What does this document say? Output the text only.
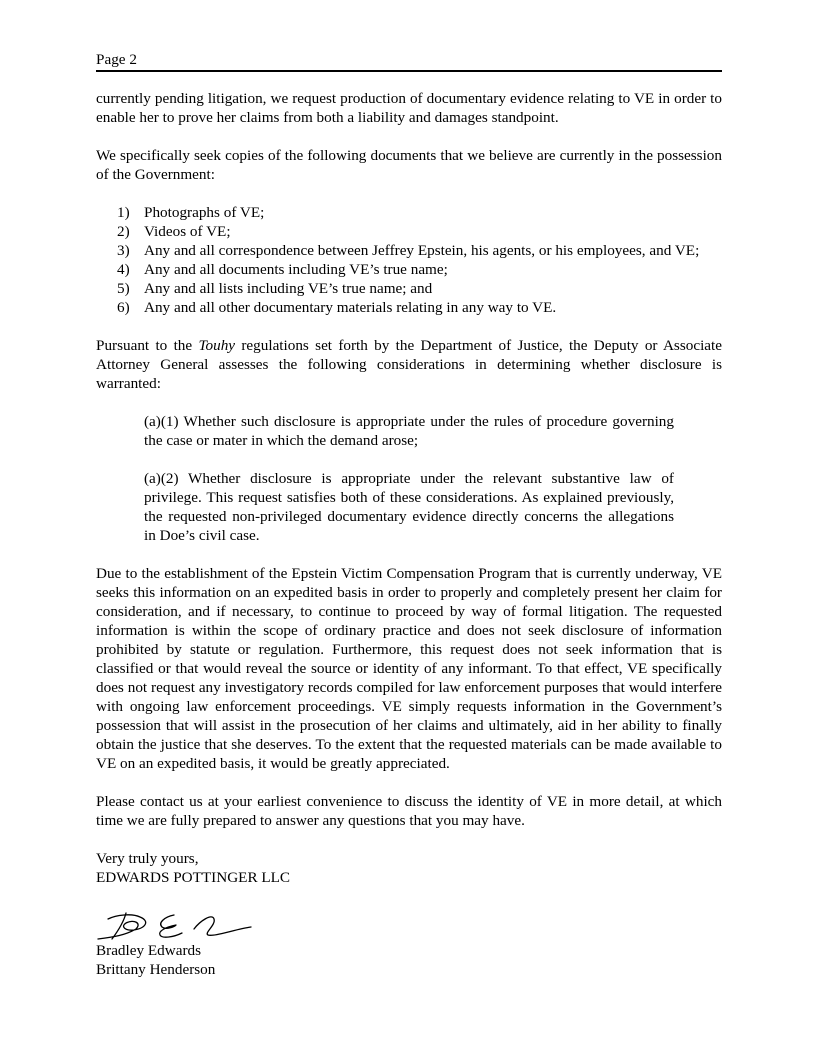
Page 2

currently pending litigation, we request production of documentary evidence relating to VE in order to enable her to prove her claims from both a liability and damages standpoint.

We specifically seek copies of the following documents that we believe are currently in the possession of the Government:

1) Photographs of VE;
2) Videos of VE;
3) Any and all correspondence between Jeffrey Epstein, his agents, or his employees, and VE;
4) Any and all documents including VE’s true name;
5) Any and all lists including VE’s true name; and
6) Any and all other documentary materials relating in any way to VE.

Pursuant to the Touhy regulations set forth by the Department of Justice, the Deputy or Associate Attorney General assesses the following considerations in determining whether disclosure is warranted:

(a)(1) Whether such disclosure is appropriate under the rules of procedure governing the case or mater in which the demand arose;

(a)(2) Whether disclosure is appropriate under the relevant substantive law of privilege. This request satisfies both of these considerations. As explained previously, the requested non-privileged documentary evidence directly concerns the allegations in Doe’s civil case.

Due to the establishment of the Epstein Victim Compensation Program that is currently underway, VE seeks this information on an expedited basis in order to properly and completely present her claim for consideration, and if necessary, to continue to proceed by way of formal litigation. The requested information is within the scope of ordinary practice and does not seek disclosure of information prohibited by statute or regulation. Furthermore, this request does not seek information that is classified or that would reveal the source or identity of any informant. To that effect, VE specifically does not request any investigatory records compiled for law enforcement purposes that would interfere with ongoing law enforcement proceedings. VE simply requests information in the Government’s possession that will assist in the prosecution of her claims and ultimately, aid in her ability to finally obtain the justice that she deserves. To the extent that the requested materials can be made available to VE on an expedited basis, it would be greatly appreciated.

Please contact us at your earliest convenience to discuss the identity of VE in more detail, at which time we are fully prepared to answer any questions that you may have.

Very truly yours,
EDWARDS POTTINGER LLC
Bradley Edwards
Brittany Henderson
